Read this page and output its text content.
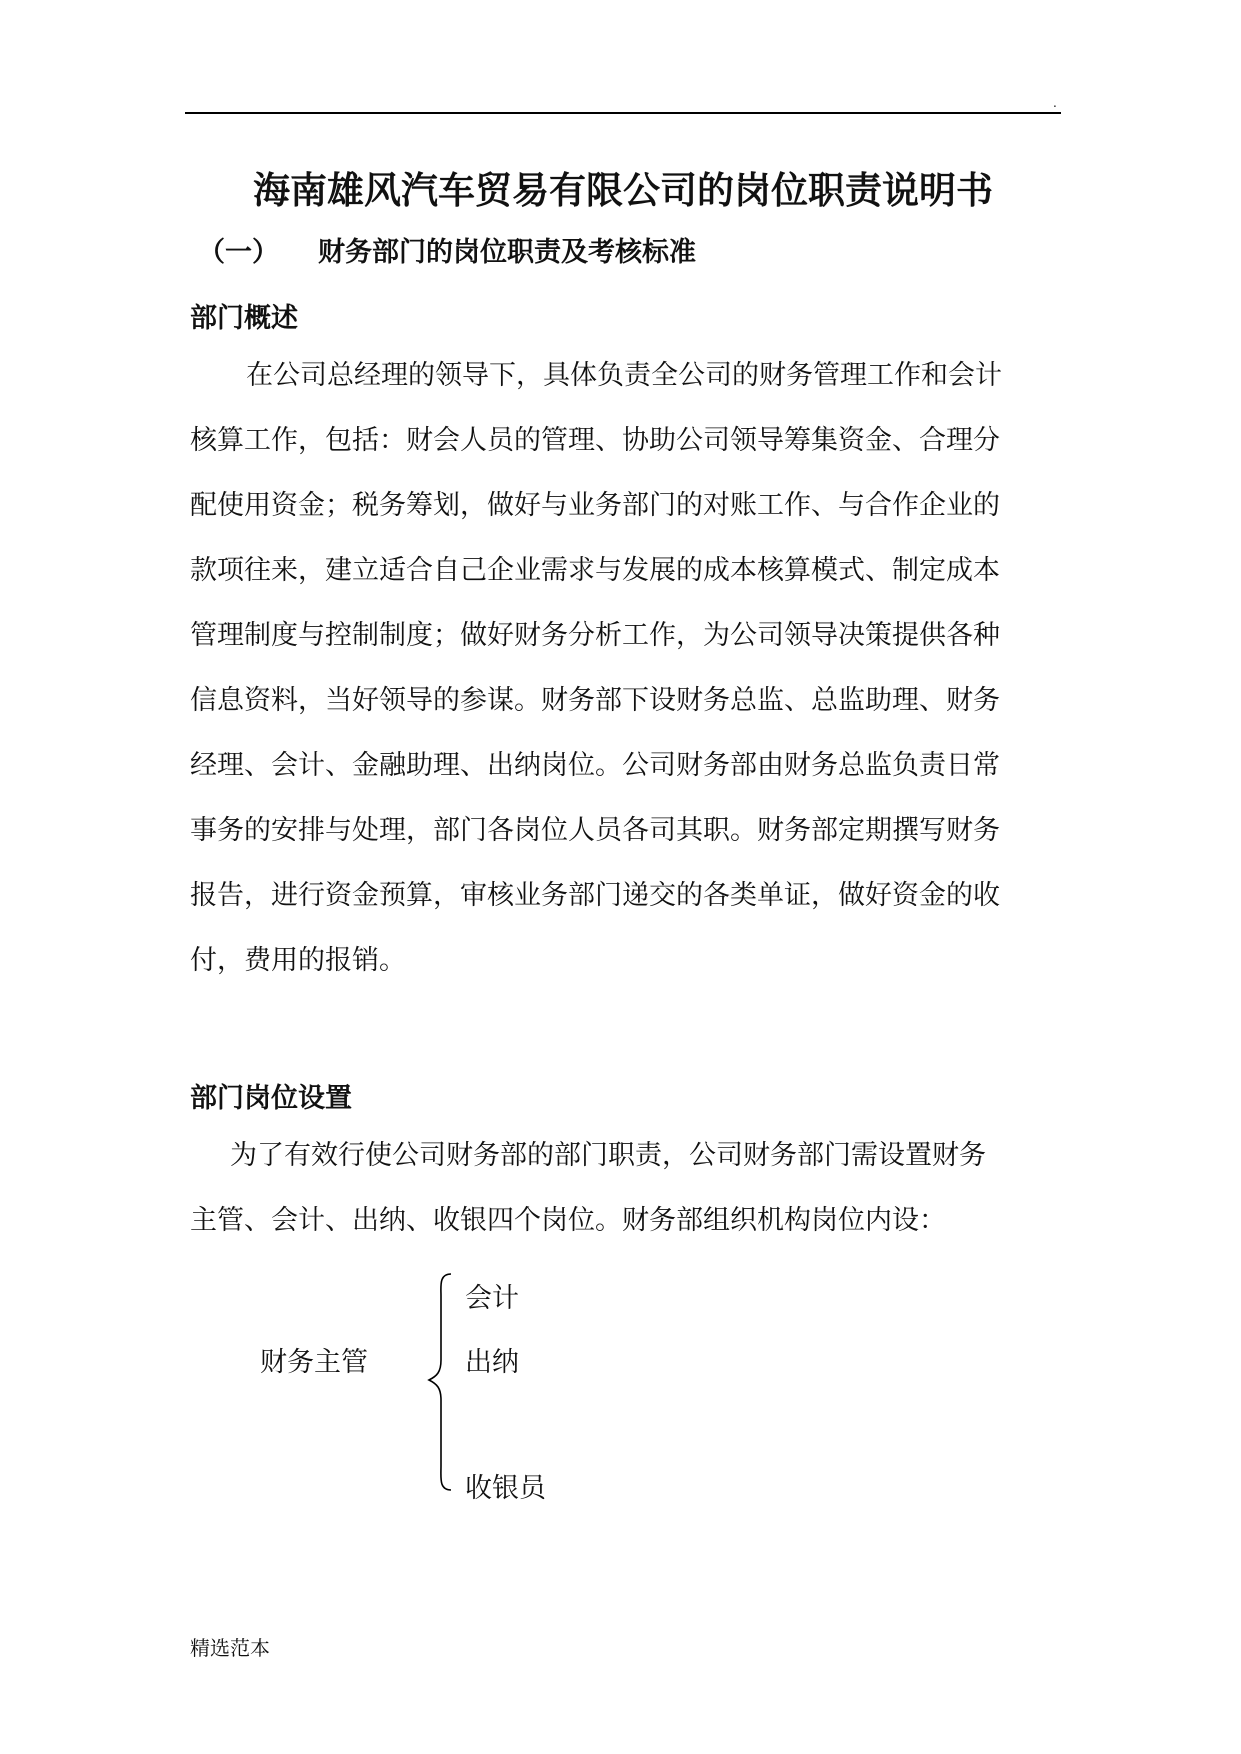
.
海南雄风汽车贸易有限公司的岗位职责说明书
（一） 财务部门的岗位职责及考核标准
部门概述
在公司总经理的领导下，具体负责全公司的财务管理工作和会计
核算工作，包括：财会人员的管理、协助公司领导筹集资金、合理分
配使用资金；税务筹划，做好与业务部门的对账工作、与合作企业的
款项往来，建立适合自己企业需求与发展的成本核算模式、制定成本
管理制度与控制制度；做好财务分析工作，为公司领导决策提供各种
信息资料，当好领导的参谋。财务部下设财务总监、总监助理、财务
经理、会计、金融助理、出纳岗位。公司财务部由财务总监负责日常
事务的安排与处理，部门各岗位人员各司其职。财务部定期撰写财务
报告，进行资金预算，审核业务部门递交的各类单证，做好资金的收
付，费用的报销。
部门岗位设置
为了有效行使公司财务部的部门职责，公司财务部门需设置财务
主管、会计、出纳、收银四个岗位。财务部组织机构岗位内设：
财务主管
会计
出纳
收银员
精选范本
